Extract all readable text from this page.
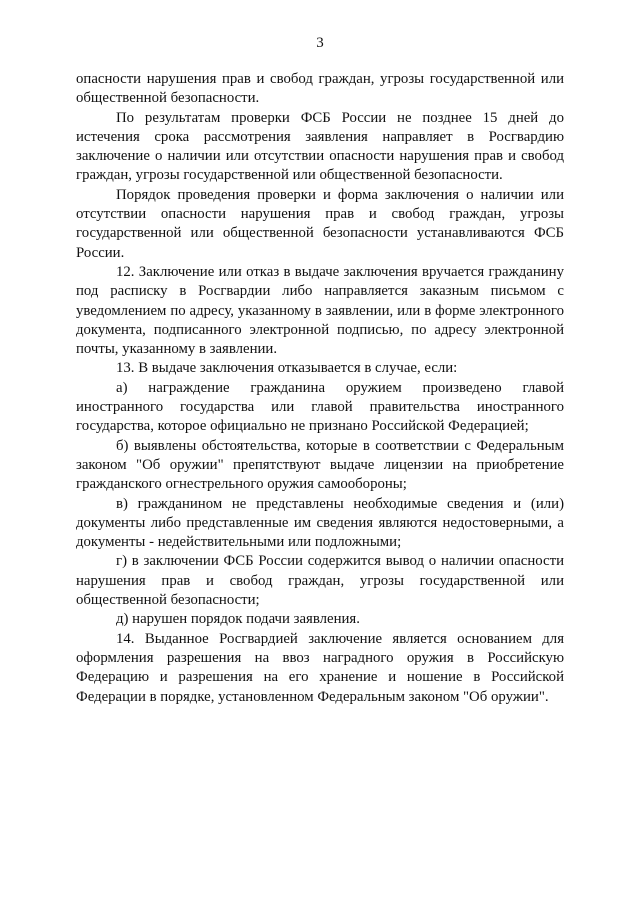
3

опасности нарушения прав и свобод граждан, угрозы государственной или общественной безопасности.

По результатам проверки ФСБ России не позднее 15 дней до истечения срока рассмотрения заявления направляет в Росгвардию заключение о наличии или отсутствии опасности нарушения прав и свобод граждан, угрозы государственной или общественной безопасности.

Порядок проведения проверки и форма заключения о наличии или отсутствии опасности нарушения прав и свобод граждан, угрозы государственной или общественной безопасности устанавливаются ФСБ России.

12. Заключение или отказ в выдаче заключения вручается гражданину под расписку в Росгвардии либо направляется заказным письмом с уведомлением по адресу, указанному в заявлении, или в форме электронного документа, подписанного электронной подписью, по адресу электронной почты, указанному в заявлении.

13. В выдаче заключения отказывается в случае, если:

а) награждение гражданина оружием произведено главой иностранного государства или главой правительства иностранного государства, которое официально не признано Российской Федерацией;

б) выявлены обстоятельства, которые в соответствии с Федеральным законом "Об оружии" препятствуют выдаче лицензии на приобретение гражданского огнестрельного оружия самообороны;

в) гражданином не представлены необходимые сведения и (или) документы либо представленные им сведения являются недостоверными, а документы - недействительными или подложными;

г) в заключении ФСБ России содержится вывод о наличии опасности нарушения прав и свобод граждан, угрозы государственной или общественной безопасности;

д) нарушен порядок подачи заявления.

14. Выданное Росгвардией заключение является основанием для оформления разрешения на ввоз наградного оружия в Российскую Федерацию и разрешения на его хранение и ношение в Российской Федерации в порядке, установленном Федеральным законом "Об оружии".
